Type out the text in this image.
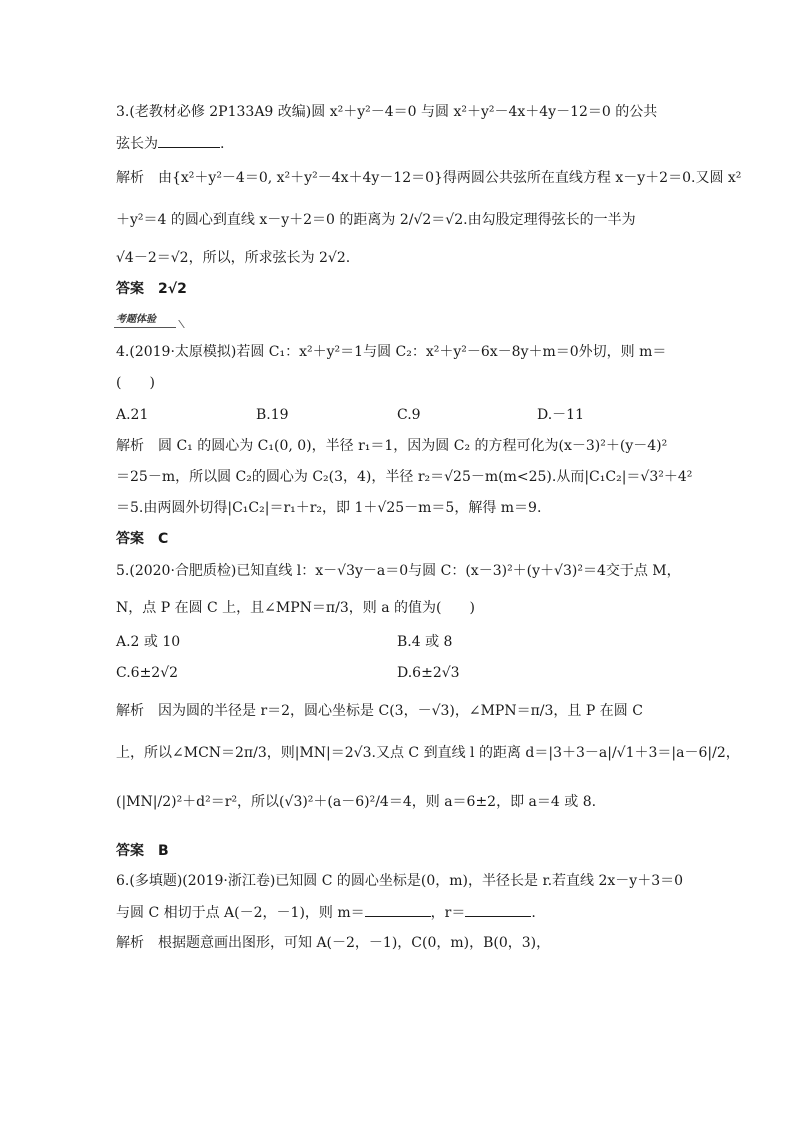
3.(老教材必修 2P133A9 改编)圆 x²＋y²－4＝0 与圆 x²＋y²－4x＋4y－12＝0 的公共
弦长为	.
解析　由{x²＋y²－4＝0, x²＋y²－4x＋4y－12＝0}得两圆公共弦所在直线方程 x－y＋2＝0.又圆 x²
＋y²＝4 的圆心到直线 x－y＋2＝0 的距离为 2/√2＝√2.由勾股定理得弦长的一半为
√4－2＝√2，所以，所求弦长为 2√2.
答案　2√2
考题体验
4.(2019·太原模拟)若圆 C₁：x²＋y²＝1与圆 C₂：x²＋y²－6x－8y＋m＝0外切，则 m＝
(　　)
A.21	B.19	C.9	D.－11
解析　圆 C₁ 的圆心为 C₁(0, 0)，半径 r₁＝1，因为圆 C₂ 的方程可化为(x－3)²＋(y－4)²
＝25－m，所以圆 C₂的圆心为 C₂(3，4)，半径 r₂＝√25－m(m<25).从而|C₁C₂|＝√3²＋4²
＝5.由两圆外切得|C₁C₂|＝r₁＋r₂，即 1＋√25－m＝5，解得 m＝9.
答案　C
5.(2020·合肥质检)已知直线 l：x－√3y－a＝0与圆 C：(x－3)²＋(y＋√3)²＝4交于点 M，
N，点 P 在圆 C 上，且∠MPN＝π/3，则 a 的值为(　　)
A.2 或 10	B.4 或 8
C.6±2√2	D.6±2√3
解析　因为圆的半径是 r＝2，圆心坐标是 C(3，－√3)，∠MPN＝π/3，且 P 在圆 C
上，所以∠MCN＝2π/3，则|MN|＝2√3.又点 C 到直线 l 的距离 d＝|3＋3－a|/√1＋3＝|a－6|/2，
(|MN|/2)²＋d²＝r²，所以(√3)²＋(a－6)²/4＝4，则 a＝6±2，即 a＝4 或 8.
答案　B
6.(多填题)(2019·浙江卷)已知圆 C 的圆心坐标是(0，m)，半径长是 r.若直线 2x－y＋3＝0
与圆 C 相切于点 A(－2，－1)，则 m＝	，r＝	.
解析　根据题意画出图形，可知 A(－2，－1)，C(0，m)，B(0，3)，
